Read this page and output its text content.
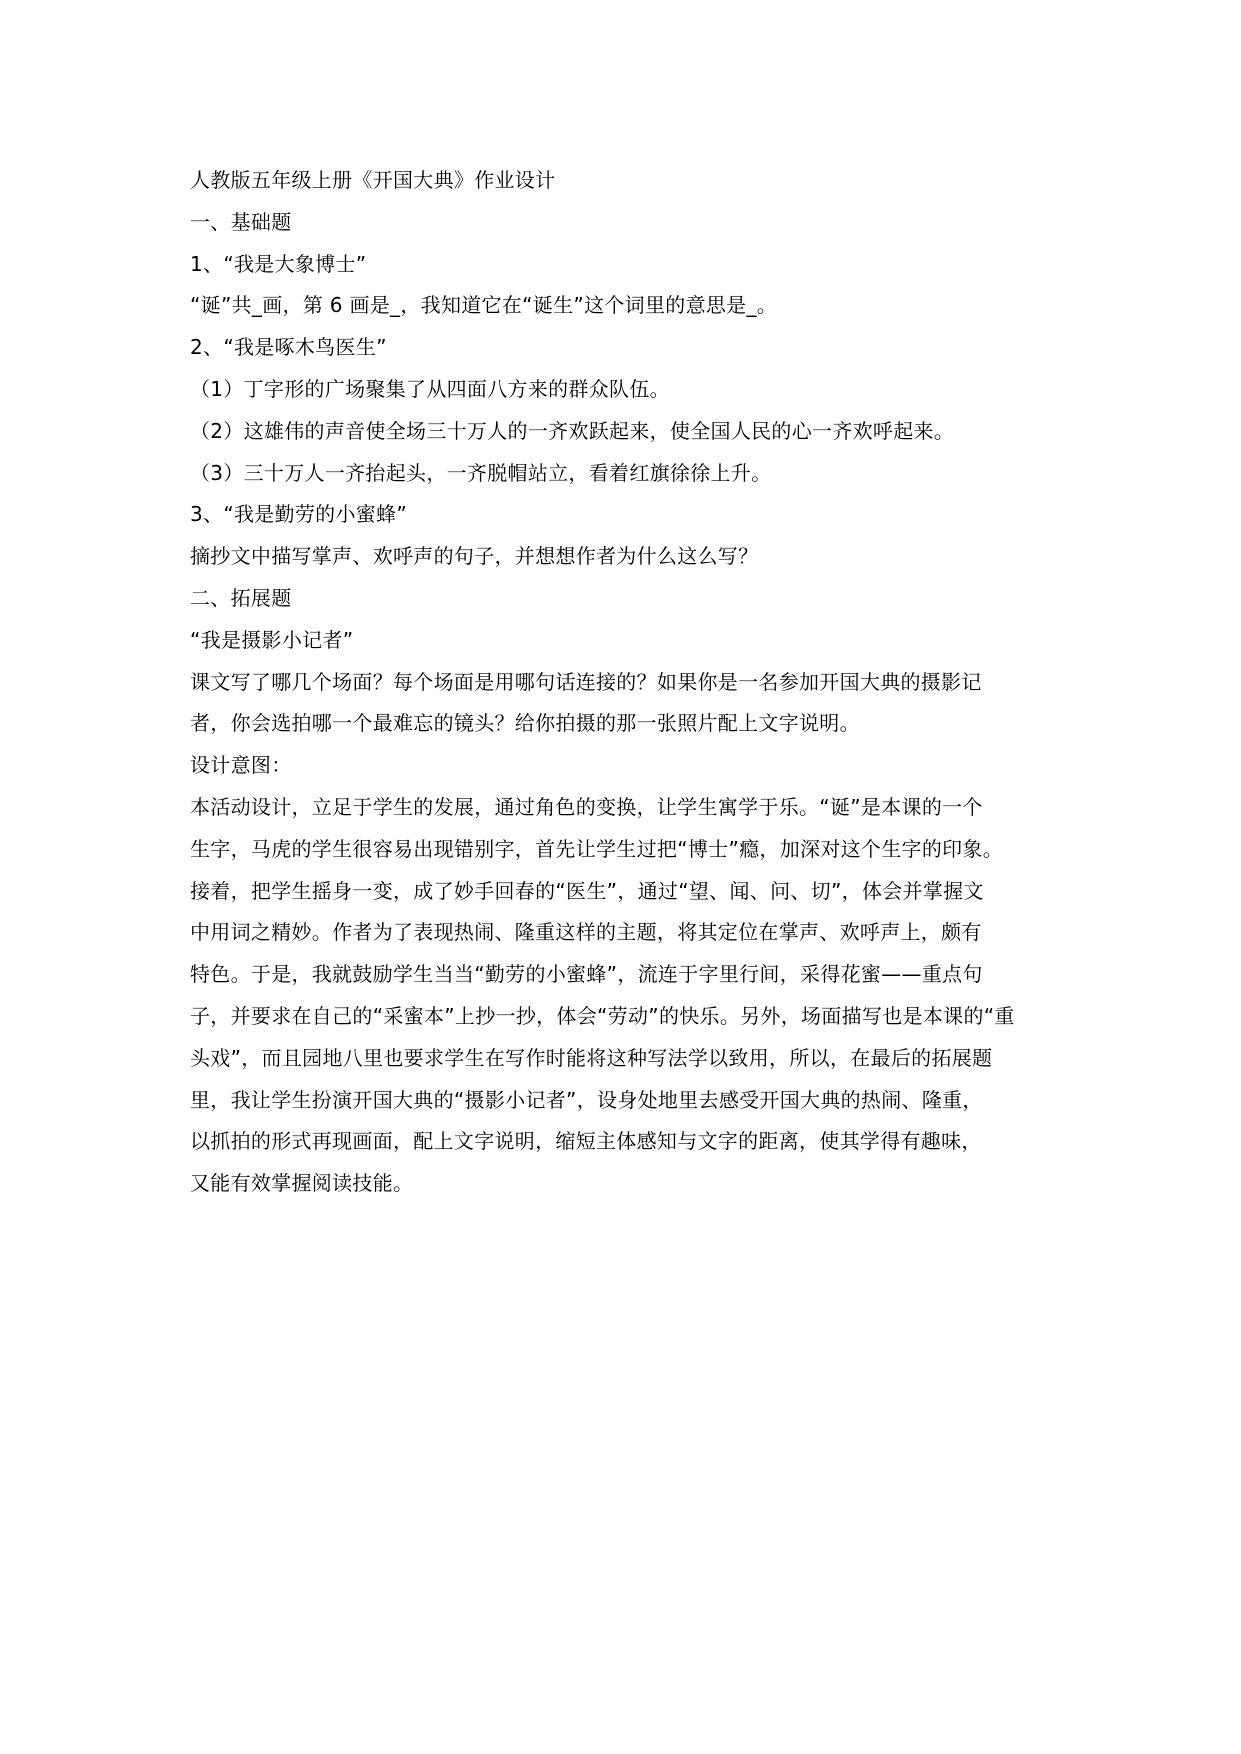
人教版五年级上册《开国大典》作业设计
一、基础题
1、“我是大象博士”
“诞”共_画，第 6 画是_，我知道它在“诞生”这个词里的意思是_。
2、“我是啄木鸟医生”
（1）丁字形的广场聚集了从四面八方来的群众队伍。
（2）这雄伟的声音使全场三十万人的一齐欢跃起来，使全国人民的心一齐欢呼起来。
（3）三十万人一齐抬起头，一齐脱帽站立，看着红旗徐徐上升。
3、“我是勤劳的小蜜蜂”
摘抄文中描写掌声、欢呼声的句子，并想想作者为什么这么写？
二、拓展题
“我是摄影小记者”
课文写了哪几个场面？每个场面是用哪句话连接的？如果你是一名参加开国大典的摄影记
者，你会选拍哪一个最难忘的镜头？给你拍摄的那一张照片配上文字说明。
设计意图：
本活动设计，立足于学生的发展，通过角色的变换，让学生寓学于乐。“诞”是本课的一个
生字，马虎的学生很容易出现错别字，首先让学生过把“博士”瘾，加深对这个生字的印象。
接着，把学生摇身一变，成了妙手回春的“医生”，通过“望、闻、问、切”，体会并掌握文
中用词之精妙。作者为了表现热闹、隆重这样的主题，将其定位在掌声、欢呼声上，颇有
特色。于是，我就鼓励学生当当“勤劳的小蜜蜂”，流连于字里行间，采得花蜜——重点句
子，并要求在自己的“采蜜本”上抄一抄，体会“劳动”的快乐。另外，场面描写也是本课的“重
头戏”，而且园地八里也要求学生在写作时能将这种写法学以致用，所以，在最后的拓展题
里，我让学生扮演开国大典的“摄影小记者”，设身处地里去感受开国大典的热闹、隆重，
以抓拍的形式再现画面，配上文字说明，缩短主体感知与文字的距离，使其学得有趣味，
又能有效掌握阅读技能。
